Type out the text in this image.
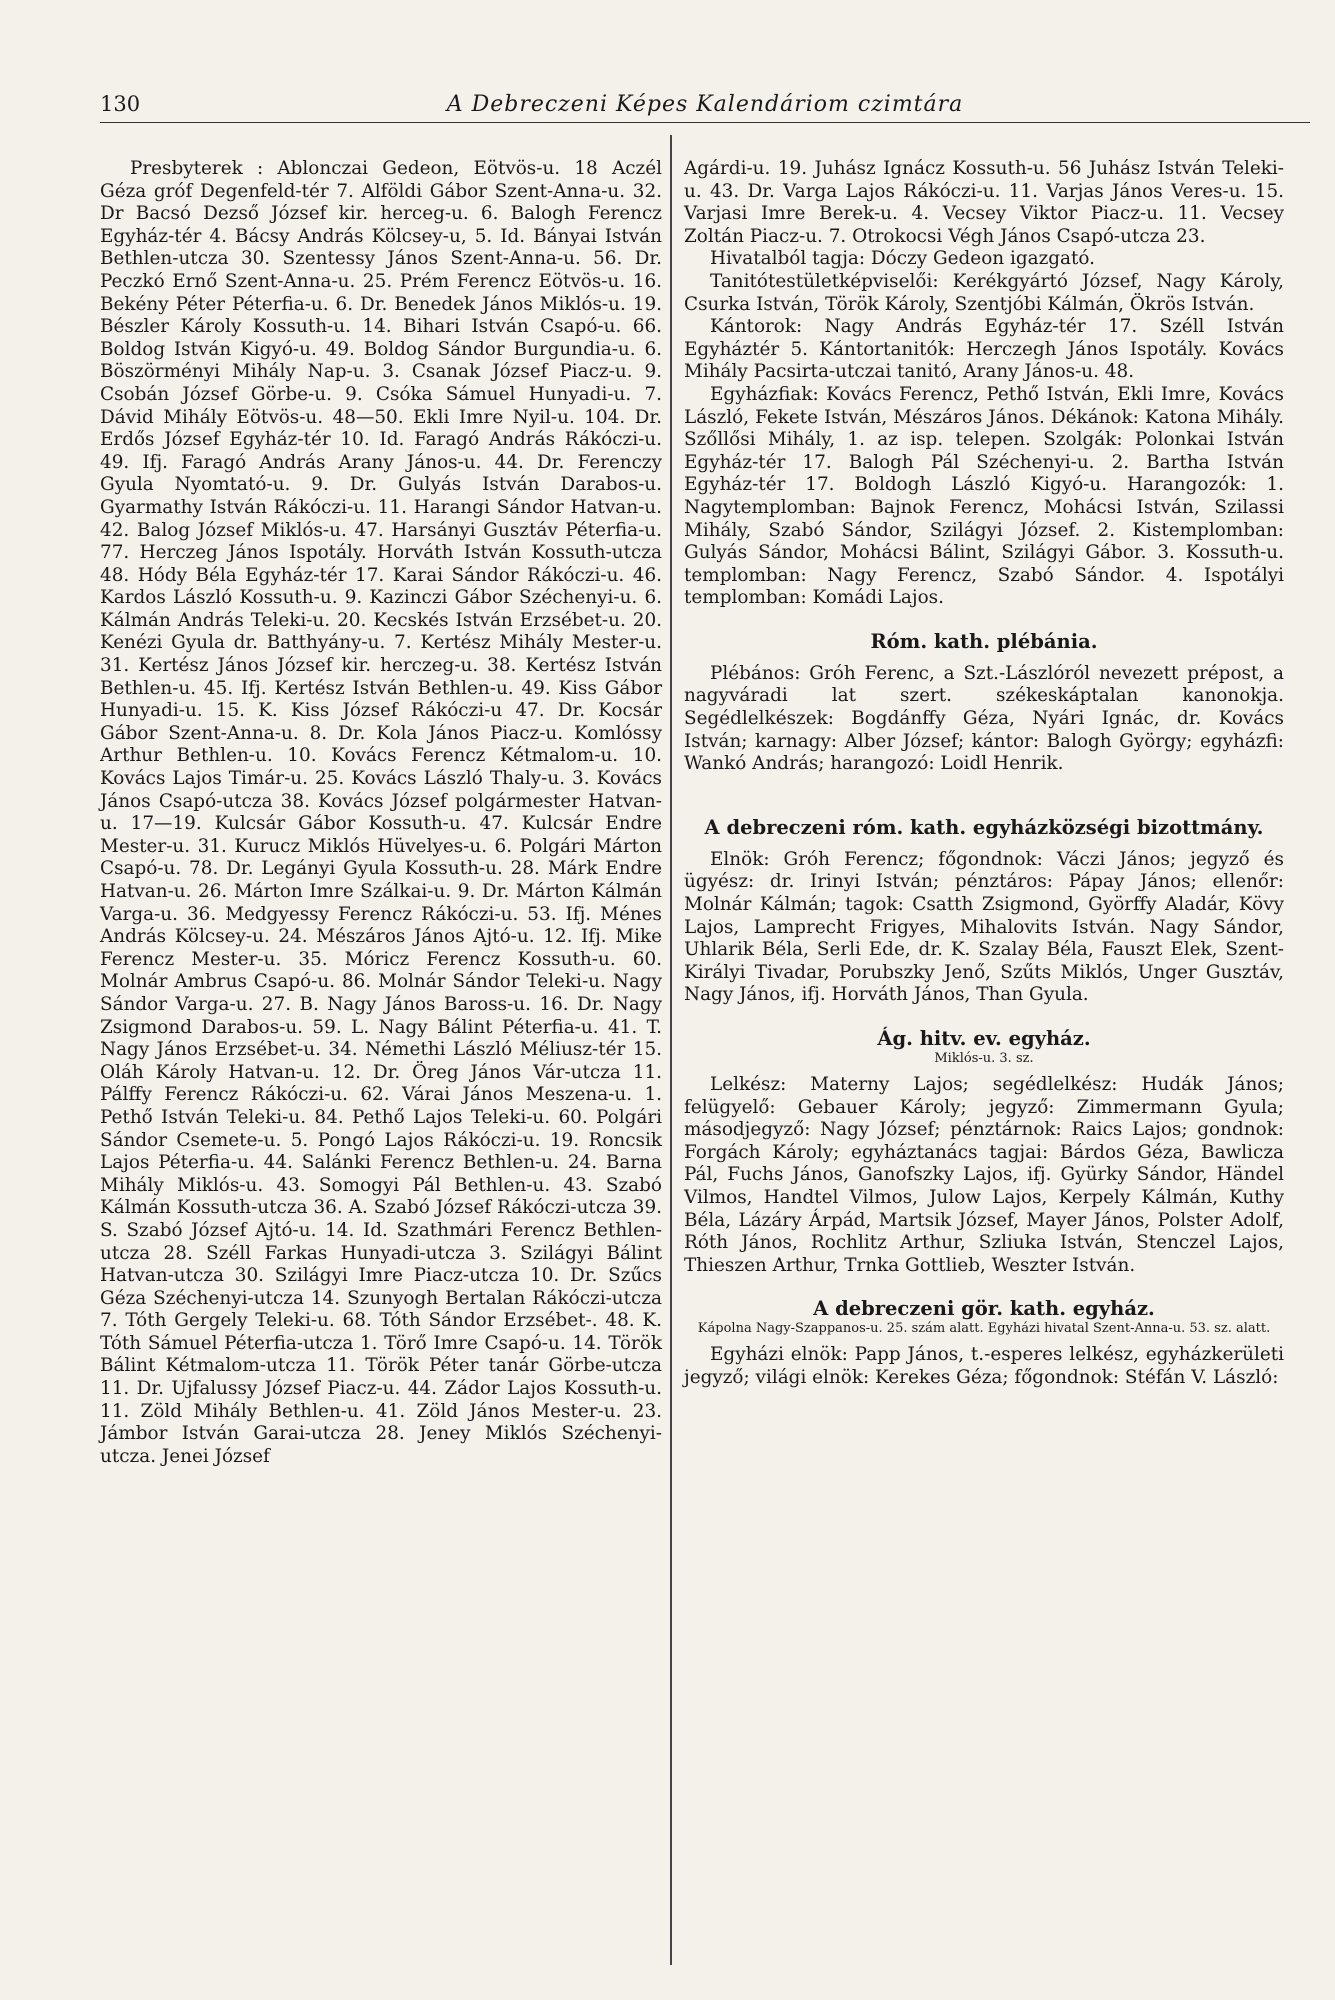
130	A Debreczeni Képes Kalendáriom czimtára

Presbyterek : Ablonczai Gedeon, Eötvös-u. 18 Aczél Géza gróf Degenfeld-tér 7. Alföldi Gábor Szent-Anna-u. 32. Dr Bacsó Dezső József kir. herceg-u. 6. Balogh Ferencz Egyház-tér 4. Bácsy András Kölcsey-u, 5. Id. Bányai István Bethlen-utcza 30. Szentessy János Szent-Anna-u. 56. Dr. Peczkó Ernő Szent-Anna-u. 25. Prém Ferencz Eötvös-u. 16. Bekény Péter Péterfia-u. 6. Dr. Benedek János Miklós-u. 19. Bészler Károly Kossuth-u. 14. Bihari István Csapó-u. 66. Boldog István Kigyó-u. 49. Boldog Sándor Burgundia-u. 6. Böszörményi Mihály Nap-u. 3. Csanak József Piacz-u. 9. Csobán József Görbe-u. 9. Csóka Sámuel Hunyadi-u. 7. Dávid Mihály Eötvös-u. 48—50. Ekli Imre Nyil-u. 104. Dr. Erdős József Egyház-tér 10. Id. Faragó András Rákóczi-u. 49. Ifj. Faragó András Arany János-u. 44. Dr. Ferenczy Gyula Nyomtató-u. 9. Dr. Gulyás István Darabos-u. Gyarmathy István Rákóczi-u. 11. Harangi Sándor Hatvan-u. 42. Balog József Miklós-u. 47. Harsányi Gusztáv Péterfia-u. 77. Herczeg János Ispotály. Horváth István Kossuth-utcza 48. Hódy Béla Egyház-tér 17. Karai Sándor Rákóczi-u. 46. Kardos László Kossuth-u. 9. Kazinczi Gábor Széchenyi-u. 6. Kálmán András Teleki-u. 20. Kecskés István Erzsébet-u. 20. Kenézi Gyula dr. Batthyány-u. 7. Kertész Mihály Mester-u. 31. Kertész János József kir. herczeg-u. 38. Kertész István Bethlen-u. 45. Ifj. Kertész István Bethlen-u. 49. Kiss Gábor Hunyadi-u. 15. K. Kiss József Rákóczi-u 47. Dr. Kocsár Gábor Szent-Anna-u. 8. Dr. Kola János Piacz-u. Komlóssy Arthur Bethlen-u. 10. Kovács Ferencz Kétmalom-u. 10. Kovács Lajos Timár-u. 25. Kovács László Thaly-u. 3. Kovács János Csapó-utcza 38. Kovács József polgármester Hatvan-u. 17—19. Kulcsár Gábor Kossuth-u. 47. Kulcsár Endre Mester-u. 31. Kurucz Miklós Hüvelyes-u. 6. Polgári Márton Csapó-u. 78. Dr. Legányi Gyula Kossuth-u. 28. Márk Endre Hatvan-u. 26. Márton Imre Szálkai-u. 9. Dr. Márton Kálmán Varga-u. 36. Medgyessy Ferencz Rákóczi-u. 53. Ifj. Ménes András Kölcsey-u. 24. Mészáros János Ajtó-u. 12. Ifj. Mike Ferencz Mester-u. 35. Móricz Ferencz Kossuth-u. 60. Molnár Ambrus Csapó-u. 86. Molnár Sándor Teleki-u. Nagy Sándor Varga-u. 27. B. Nagy János Baross-u. 16. Dr. Nagy Zsigmond Darabos-u. 59. L. Nagy Bálint Péterfia-u. 41. T. Nagy János Erzsébet-u. 34. Némethi László Méliusz-tér 15. Oláh Károly Hatvan-u. 12. Dr. Öreg János Vár-utcza 11. Pálffy Ferencz Rákóczi-u. 62. Várai János Meszena-u. 1. Pethő István Teleki-u. 84. Pethő Lajos Teleki-u. 60. Polgári Sándor Csemete-u. 5. Pongó Lajos Rákóczi-u. 19. Roncsik Lajos Péterfia-u. 44. Salánki Ferencz Bethlen-u. 24. Barna Mihály Miklós-u. 43. Somogyi Pál Bethlen-u. 43. Szabó Kálmán Kossuth-utcza 36. A. Szabó József Rákóczi-utcza 39. S. Szabó József Ajtó-u. 14. Id. Szathmári Ferencz Bethlen-utcza 28. Széll Farkas Hunyadi-utcza 3. Szilágyi Bálint Hatvan-utcza 30. Szilágyi Imre Piacz-utcza 10. Dr. Szűcs Géza Széchenyi-utcza 14. Szunyogh Bertalan Rákóczi-utcza 7. Tóth Gergely Teleki-u. 68. Tóth Sándor Erzsébet-. 48. K. Tóth Sámuel Péterfia-utcza 1. Törő Imre Csapó-u. 14. Török Bálint Kétmalom-utcza 11. Török Péter tanár Görbe-utcza 11. Dr. Ujfalussy József Piacz-u. 44. Zádor Lajos Kossuth-u. 11. Zöld Mihály Bethlen-u. 41. Zöld János Mester-u. 23. Jámbor István Garai-utcza 28. Jeney Miklós Széchenyi-utcza. Jenei József

Agárdi-u. 19. Juhász Ignácz Kossuth-u. 56 Juhász István Teleki-u. 43. Dr. Varga Lajos Rákóczi-u. 11. Varjas János Veres-u. 15. Varjasi Imre Berek-u. 4. Vecsey Viktor Piacz-u. 11. Vecsey Zoltán Piacz-u. 7. Otrokocsi Végh János Csapó-utcza 23.

Hivatalból tagja: Dóczy Gedeon igazgató.

Tanitótestületképviselői: Kerékgyártó József, Nagy Károly, Csurka István, Török Károly, Szentjóbi Kálmán, Ökrös István.

Kántorok: Nagy András Egyház-tér 17. Széll István Egyháztér 5. Kántortanitók: Herczegh János Ispotály. Kovács Mihály Pacsirta-utczai tanitó, Arany János-u. 48.

Egyházfiak: Kovács Ferencz, Pethő István, Ekli Imre, Kovács László, Fekete István, Mészáros János. Dékánok: Katona Mihály. Szőllősi Mihály, 1. az isp. telepen. Szolgák: Polonkai István Egyház-tér 17. Balogh Pál Széchenyi-u. 2. Bartha István Egyház-tér 17. Boldogh László Kigyó-u. Harangozók: 1. Nagytemplomban: Bajnok Ferencz, Mohácsi István, Szilassi Mihály, Szabó Sándor, Szilágyi József. 2. Kistemplomban: Gulyás Sándor, Mohácsi Bálint, Szilágyi Gábor. 3. Kossuth-u. templomban: Nagy Ferencz, Szabó Sándor. 4. Ispotályi templomban: Komádi Lajos.

Róm. kath. plébánia.

Plébános: Gróh Ferenc, a Szt.-Lászlóról nevezett prépost, a nagyváradi lat szert. székeskáptalan kanonokja. Segédlelkészek: Bogdánffy Géza, Nyári Ignác, dr. Kovács István; karnagy: Alber József; kántor: Balogh György; egyházfi: Wankó András; harangozó: Loidl Henrik.

A debreczeni róm. kath. egyházközségi bizottmány.

Elnök: Gróh Ferencz; főgondnok: Váczi János; jegyző és ügyész: dr. Irinyi István; pénztáros: Pápay János; ellenőr: Molnár Kálmán; tagok: Csatth Zsigmond, Györffy Aladár, Kövy Lajos, Lamprecht Frigyes, Mihalovits István. Nagy Sándor, Uhlarik Béla, Serli Ede, dr. K. Szalay Béla, Fauszt Elek, Szent-Királyi Tivadar, Porubszky Jenő, Szűts Miklós, Unger Gusztáv, Nagy János, ifj. Horváth János, Than Gyula.

Ág. hitv. ev. egyház.
Miklós-u. 3. sz.

Lelkész: Materny Lajos; segédlelkész: Hudák János; felügyelő: Gebauer Károly; jegyző: Zimmermann Gyula; másodjegyző: Nagy József; pénztárnok: Raics Lajos; gondnok: Forgách Károly; egyháztanács tagjai: Bárdos Géza, Bawlicza Pál, Fuchs János, Ganofszky Lajos, ifj. Gyürky Sándor, Händel Vilmos, Handtel Vilmos, Julow Lajos, Kerpely Kálmán, Kuthy Béla, Lázáry Árpád, Martsik József, Mayer János, Polster Adolf, Róth János, Rochlitz Arthur, Szliuka István, Stenczel Lajos, Thieszen Arthur, Trnka Gottlieb, Weszter István.

A debreczeni gör. kath. egyház.
Kápolna Nagy-Szappanos-u. 25. szám alatt. Egyházi hivatal Szent-Anna-u. 53. sz. alatt.

Egyházi elnök: Papp János, t.-esperes lelkész, egyházkerületi jegyző; világi elnök: Kerekes Géza; főgondnok: Stéfán V. László:
